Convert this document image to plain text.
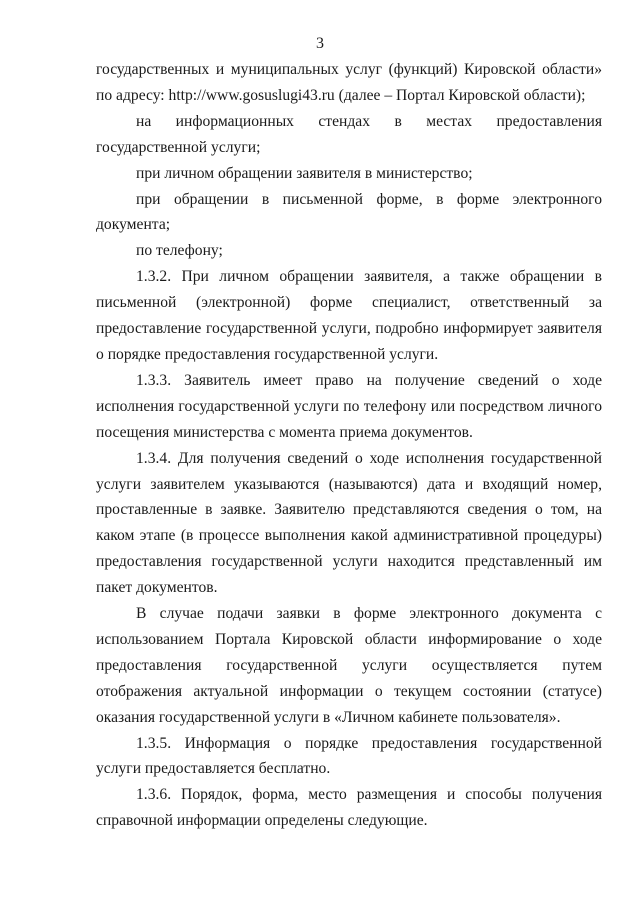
3

государственных и муниципальных услуг (функций) Кировской области» по адресу: http://www.gosuslugi43.ru (далее – Портал Кировской области);

на информационных стендах в местах предоставления государственной услуги;

при личном обращении заявителя в министерство;

при обращении в письменной форме, в форме электронного документа;

по телефону;

1.3.2. При личном обращении заявителя, а также обращении в письменной (электронной) форме специалист, ответственный за предоставление государственной услуги, подробно информирует заявителя о порядке предоставления государственной услуги.

1.3.3. Заявитель имеет право на получение сведений о ходе исполнения государственной услуги по телефону или посредством личного посещения министерства с момента приема документов.

1.3.4. Для получения сведений о ходе исполнения государственной услуги заявителем указываются (называются) дата и входящий номер, проставленные в заявке. Заявителю представляются сведения о том, на каком этапе (в процессе выполнения какой административной процедуры) предоставления государственной услуги находится представленный им пакет документов.

В случае подачи заявки в форме электронного документа с использованием Портала Кировской области информирование о ходе предоставления государственной услуги осуществляется путем отображения актуальной информации о текущем состоянии (статусе) оказания государственной услуги в «Личном кабинете пользователя».

1.3.5. Информация о порядке предоставления государственной услуги предоставляется бесплатно.

1.3.6. Порядок, форма, место размещения и способы получения справочной информации определены следующие.
